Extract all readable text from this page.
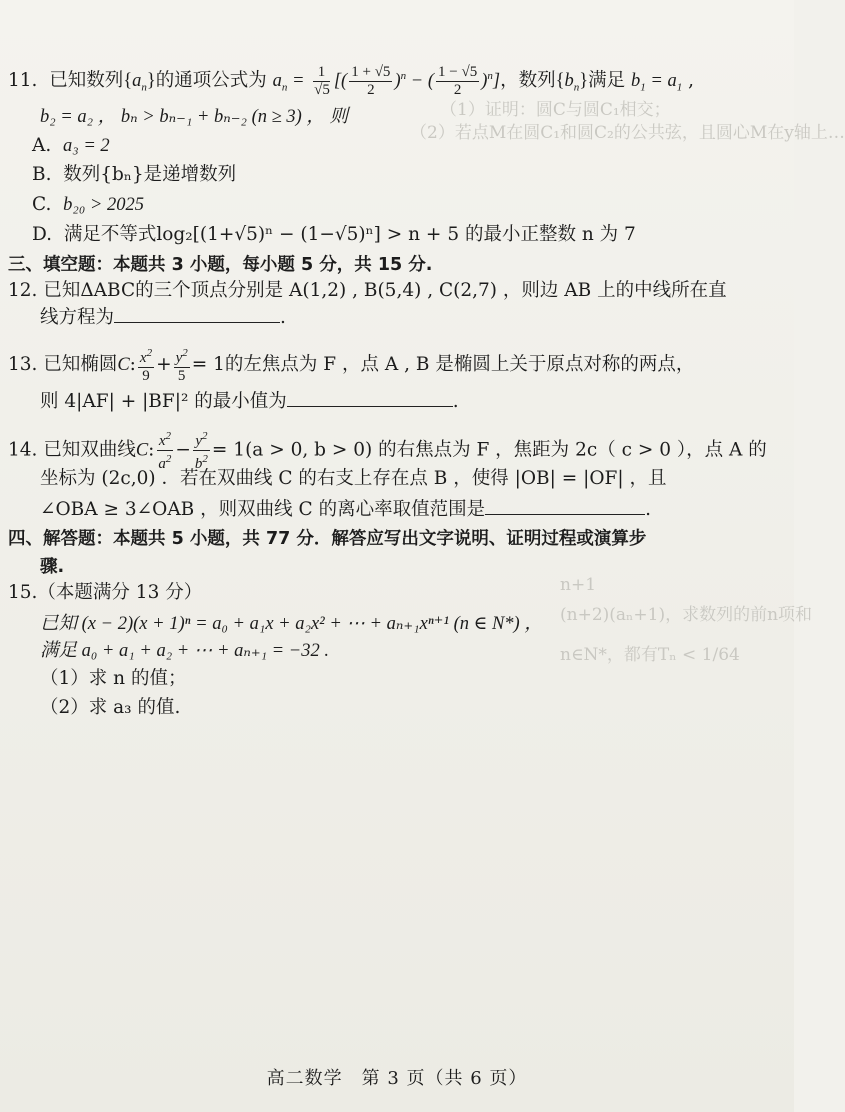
（1）证明：圆C与圆C₁相交；
（2）若点M在圆C₁和圆C₂的公共弦，且圆心M在y轴上…
n+1
(n+2)(aₙ+1)，求数列的前n项和
n∈N*，都有Tₙ < 1/64
11. 已知数列$\{a_n\}$的通项公式为 $a_n = \frac{1}{√5}$ [( $\frac{1 + √5}{2} )^n$ − ( $\frac{1 - √5}{2} )^n$]，数列$\{b_n\}$满足 $b_1 = a_1$ ,
b₂ = a₂ ， bₙ > bₙ₋₁ + bₙ₋₂ (n ≥ 3) ， 则
A. a₃ = 2
B. 数列{bₙ}是递增数列
C. b₂₀ > 2025
D. 满足不等式log₂[(1+√5)ⁿ − (1−√5)ⁿ] > n + 5 的最小正整数 n 为 7
三、填空题：本题共 3 小题，每小题 5 分，共 15 分.
12. 已知ΔABC的三个顶点分别是 A(1,2) , B(5,4) , C(2,7) ，则边 AB 上的中线所在直
线方程为	.
13. 已知椭圆C: $\frac{x^2}{9} + \frac{y^2}{5} = 1$的左焦点为 F ，点 A , B 是椭圆上关于原点对称的两点，
则 4|AF| + |BF|² 的最小值为	.
14. 已知双曲线C: $\frac{x^2}{a^2} - \frac{y^2}{b^2} = 1(a > 0$, b > 0) 的右焦点为 F ，焦距为 2c（ c > 0 ），点 A 的
坐标为 (2c,0) ．若在双曲线 C 的右支上存在点 B ，使得 |OB| = |OF| ，且
∠OBA ≥ 3∠OAB ，则双曲线 C 的离心率取值范围是	.
四、解答题：本题共 5 小题，共 77 分．解答应写出文字说明、证明过程或演算步
骤.
15.（本题满分 13 分）
已知 (x − 2)(x + 1)ⁿ = a₀ + a₁x + a₂x² + ⋯ + aₙ₊₁xⁿ⁺¹ (n ∈ N*) ，
满足 a₀ + a₁ + a₂ + ⋯ + aₙ₊₁ = −32 .
（1）求 n 的值；
（2）求 a₃ 的值.
高二数学　第 3 页（共 6 页）
